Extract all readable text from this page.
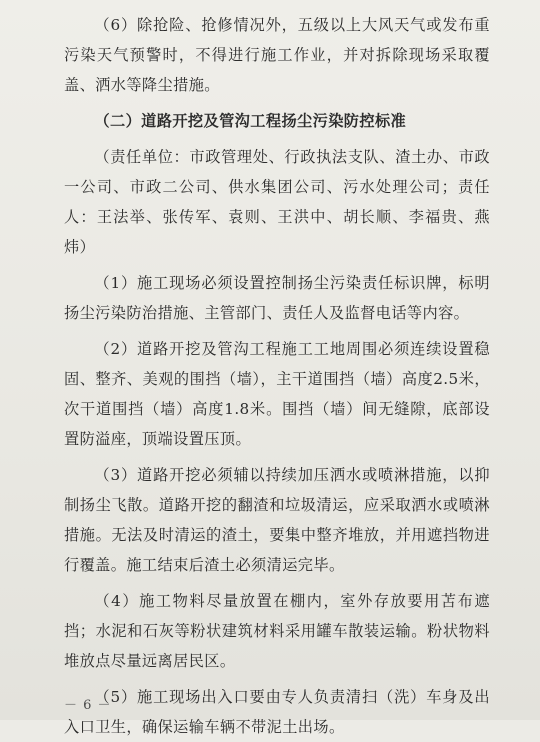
（6）除抢险、抢修情况外，五级以上大风天气或发布重污染天气预警时，不得进行施工作业，并对拆除现场采取覆盖、洒水等降尘措施。

（二）道路开挖及管沟工程扬尘污染防控标准

（责任单位：市政管理处、行政执法支队、渣土办、市政一公司、市政二公司、供水集团公司、污水处理公司；责任人：王法举、张传军、袁则、王洪中、胡长顺、李福贵、燕炜）

（1）施工现场必须设置控制扬尘污染责任标识牌，标明扬尘污染防治措施、主管部门、责任人及监督电话等内容。

（2）道路开挖及管沟工程施工工地周围必须连续设置稳固、整齐、美观的围挡（墙），主干道围挡（墙）高度2.5米，次干道围挡（墙）高度1.8米。围挡（墙）间无缝隙，底部设置防溢座，顶端设置压顶。

（3）道路开挖必须辅以持续加压洒水或喷淋措施，以抑制扬尘飞散。道路开挖的翻渣和垃圾清运，应采取洒水或喷淋措施。无法及时清运的渣土，要集中整齐堆放，并用遮挡物进行覆盖。施工结束后渣土必须清运完毕。

（4）施工物料尽量放置在棚内，室外存放要用苫布遮挡；水泥和石灰等粉状建筑材料采用罐车散装运输。粉状物料堆放点尽量远离居民区。

（5）施工现场出入口要由专人负责清扫（洗）车身及出入口卫生，确保运输车辆不带泥土出场。

－ 6 －
